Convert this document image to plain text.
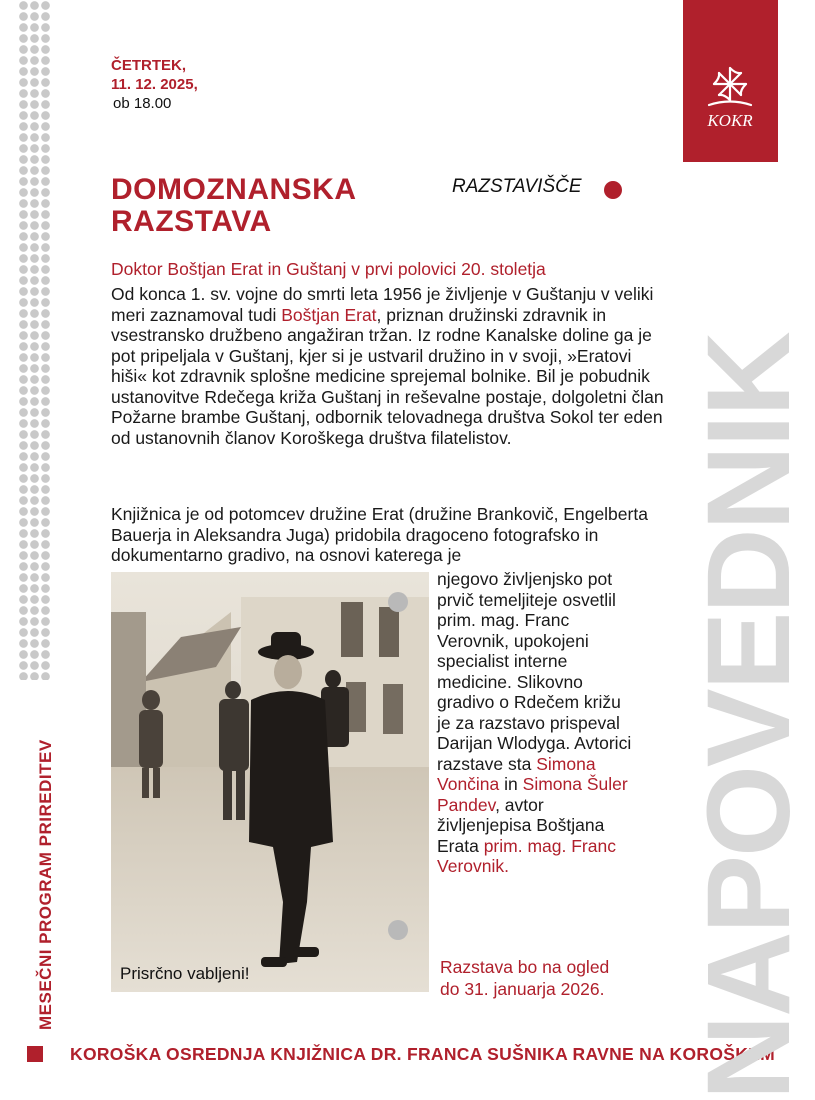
MESEČNI PROGRAM PRIREDITEV
KOROŠKA OSREDNJA KNJIŽNICA DR. FRANCA SUŠNIKA RAVNE NA KOROŠKEM
KOKR
NAPOVEDNIK
ČETRTEK,
11. 12. 2025,
ob 18.00
DOMOZNANSKA
RAZSTAVA
RAZSTAVIŠČE
Doktor Boštjan Erat in Guštanj v prvi polovici 20. stoletja
Od konca 1. sv. vojne do smrti leta 1956 je življenje v Guštanju v veliki meri zaznamoval tudi Boštjan Erat, priznan družinski zdravnik in vsestransko družbeno angažiran tržan. Iz rodne Kanalske doline ga je pot pripeljala v Guštanj, kjer si je ustvaril družino in v svoji, »Eratovi hiši« kot zdravnik splošne medicine sprejemal bolnike. Bil je pobudnik ustanovitve Rdečega križa Guštanj in reševalne postaje, dolgoletni član Požarne brambe Guštanj, odbornik telovadnega društva Sokol ter eden od ustanovnih članov Koroškega društva filatelistov.
Knjižnica je od potomcev družine Erat (družine Brankovič, Engelberta Bauerja in Aleksandra Juga) pridobila dragoceno fotografsko in dokumentarno gradivo, na osnovi katerega je
njegovo življenjsko pot prvič temeljiteje osvetlil prim. mag. Franc Verovnik, upokojeni specialist interne medicine. Slikovno gradivo o Rdečem križu je za razstavo prispeval Darijan Wlodyga. Avtorici razstave sta Simona Vončina in Simona Šuler Pandev, avtor življenjepisa Boštjana Erata prim. mag. Franc Verovnik.
Razstava bo na ogled
do 31. januarja 2026.
Prisrčno vabljeni!
